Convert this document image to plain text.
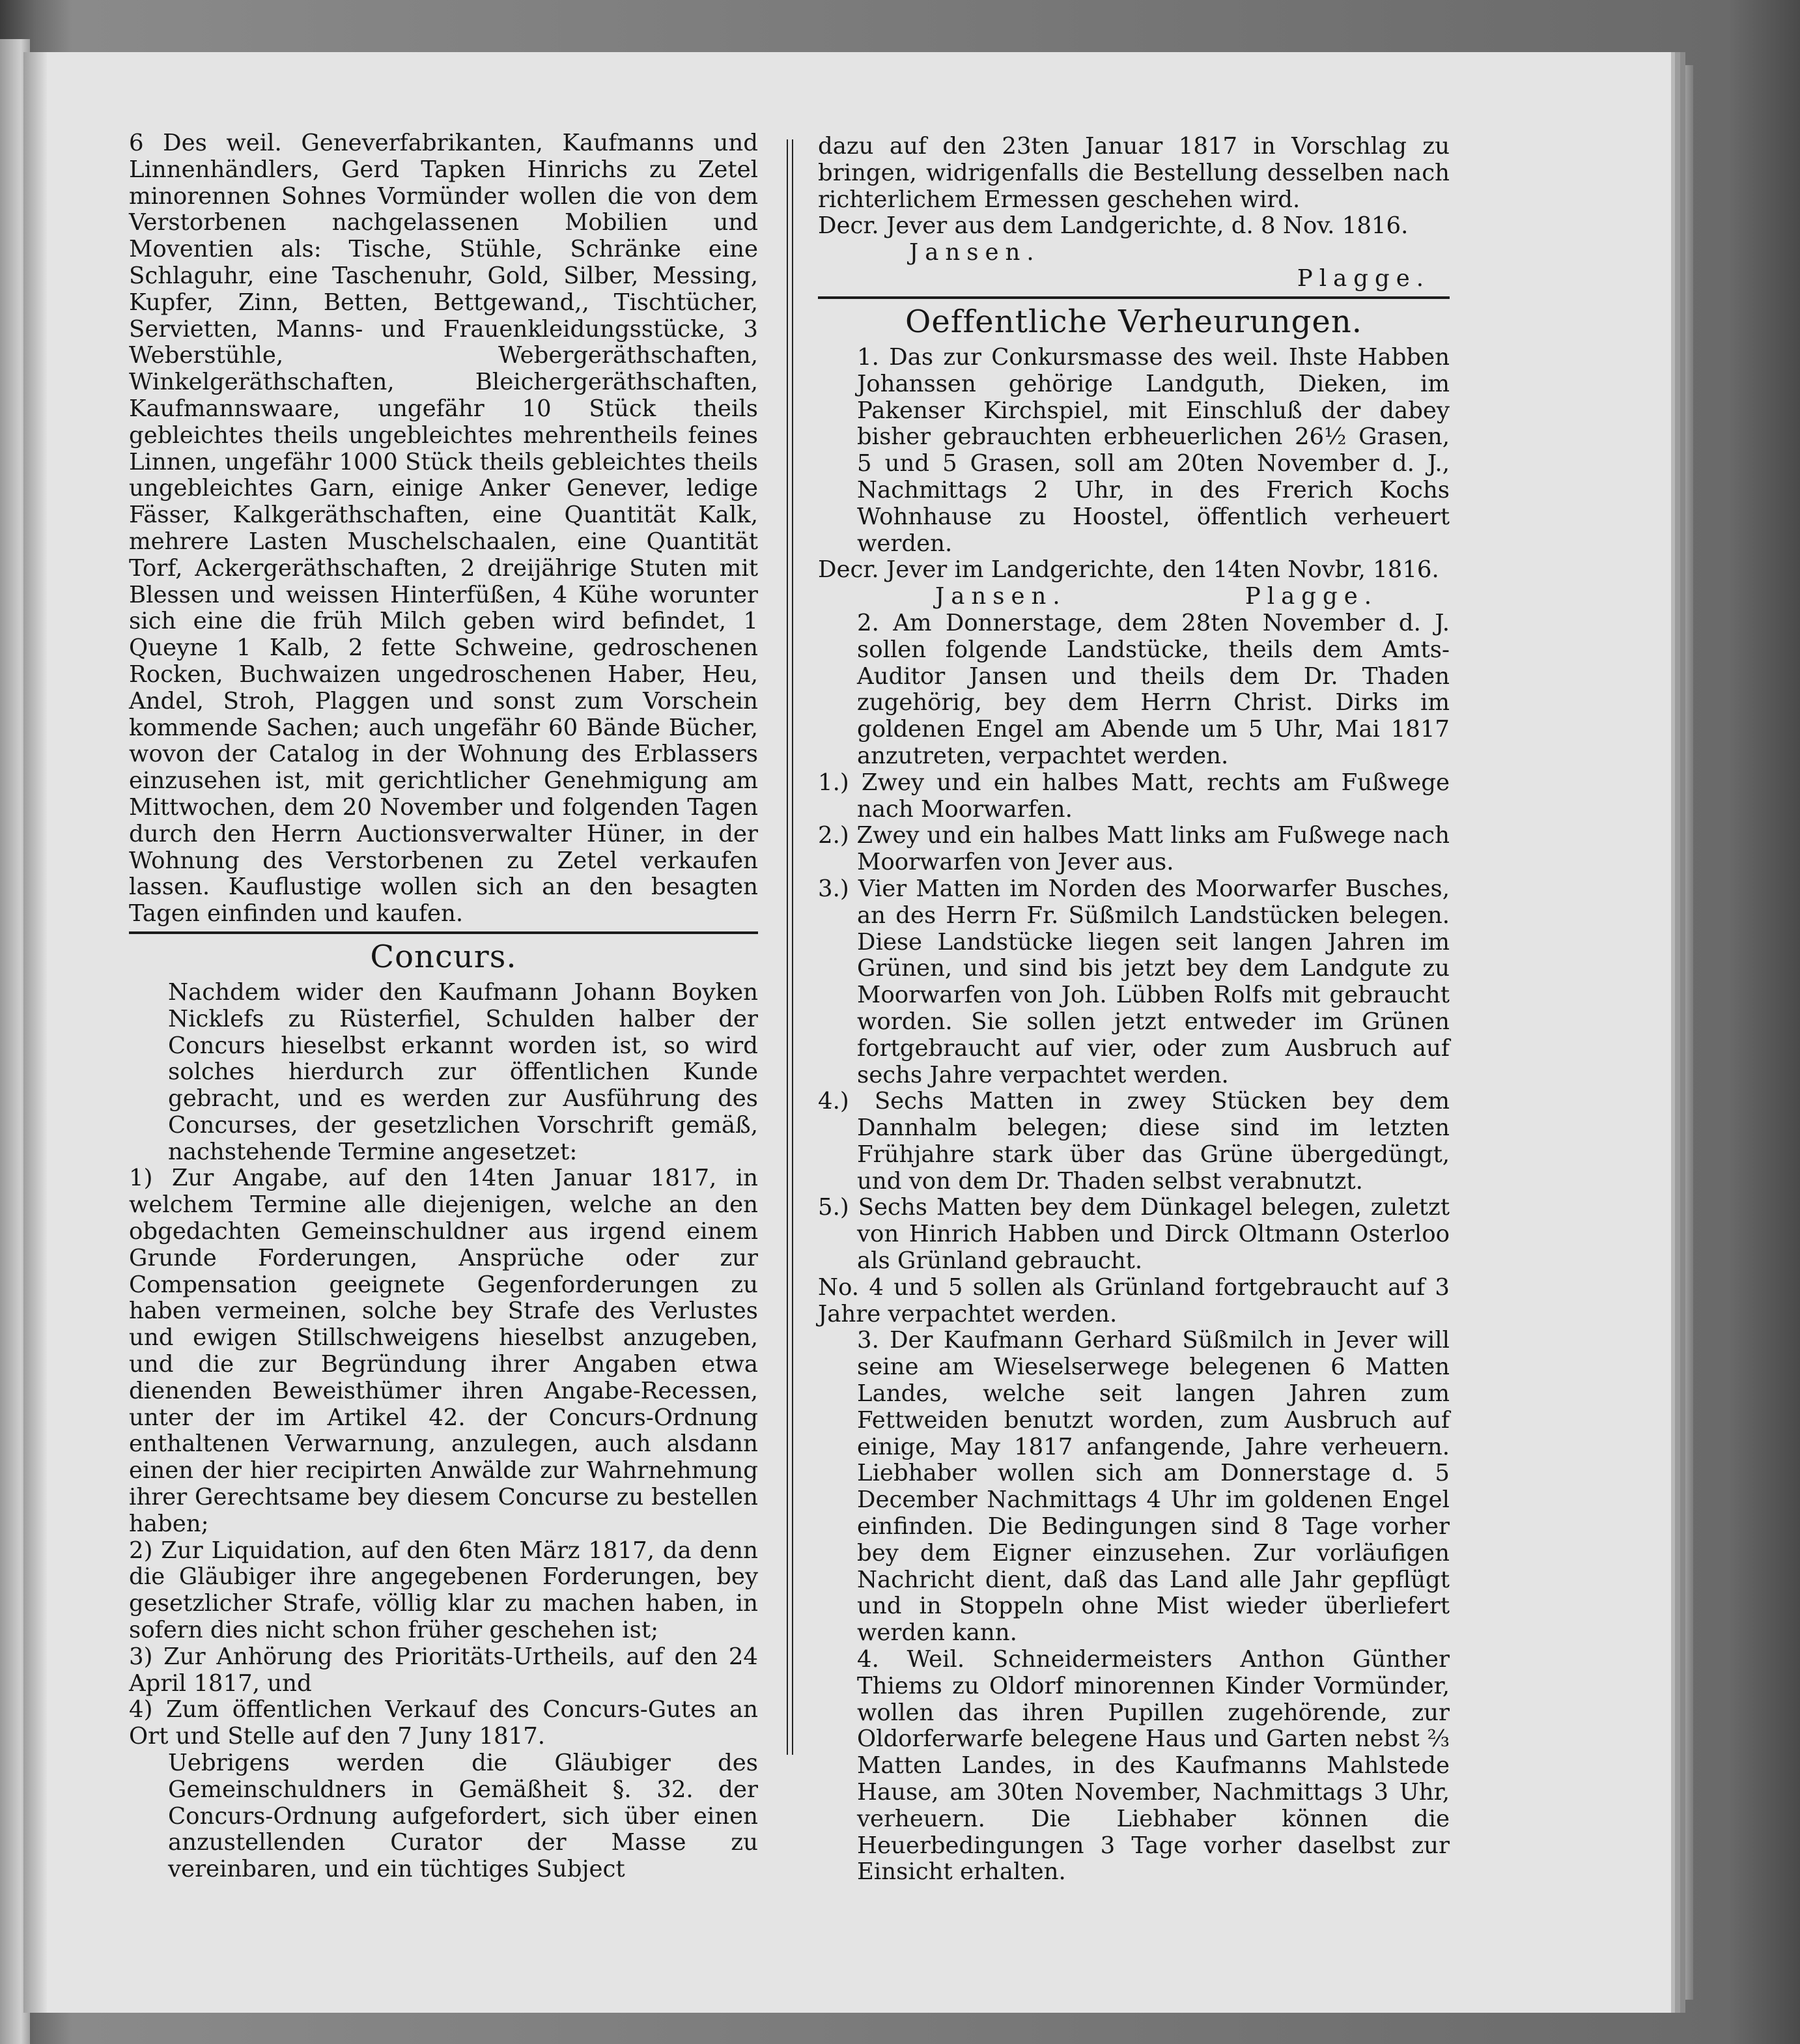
6 Des weil. Geneverfabrikanten, Kaufmanns und Linnenhändlers, Gerd Tapken Hinrichs zu Zetel minorennen Sohnes Vormünder wollen die von dem Verstorbenen nachgelassenen Mobilien und Moventien als: Tische, Stühle, Schränke eine Schlaguhr, eine Taschenuhr, Gold, Silber, Messing, Kupfer, Zinn, Betten, Bettgewand,, Tischtücher, Servietten, Manns- und Frauenkleidungsstücke, 3 Weberstühle, Webergeräthschaften, Winkelgeräthschaften, Bleichergeräthschaften, Kaufmannswaare, ungefähr 10 Stück theils gebleichtes theils ungebleichtes mehrentheils feines Linnen, ungefähr 1000 Stück theils gebleichtes theils ungebleichtes Garn, einige Anker Genever, ledige Fässer, Kalkgeräthschaften, eine Quantität Kalk, mehrere Lasten Muschelschaalen, eine Quantität Torf, Ackergeräthschaften, 2 dreijährige Stuten mit Blessen und weissen Hinterfüßen, 4 Kühe worunter sich eine die früh Milch geben wird befindet, 1 Queyne 1 Kalb, 2 fette Schweine, gedroschenen Rocken, Buchwaizen ungedroschenen Haber, Heu, Andel, Stroh, Plaggen und sonst zum Vorschein kommende Sachen; auch ungefähr 60 Bände Bücher, wovon der Catalog in der Wohnung des Erblassers einzusehen ist, mit gerichtlicher Genehmigung am Mittwochen, dem 20 November und folgenden Tagen durch den Herrn Auctionsverwalter Hüner, in der Wohnung des Verstorbenen zu Zetel verkaufen lassen. Kauflustige wollen sich an den besagten Tagen einfinden und kaufen.

Concurs.

Nachdem wider den Kaufmann Johann Boyken Nicklefs zu Rüsterfiel, Schulden halber der Concurs hieselbst erkannt worden ist, so wird solches hierdurch zur öffentlichen Kunde gebracht, und es werden zur Ausführung des Concurses, der gesetzlichen Vorschrift gemäß, nachstehende Termine angesetzet:

1) Zur Angabe, auf den 14ten Januar 1817, in welchem Termine alle diejenigen, welche an den obgedachten Gemeinschuldner aus irgend einem Grunde Forderungen, Ansprüche oder zur Compensation geeignete Gegenforderungen zu haben vermeinen, solche bey Strafe des Verlustes und ewigen Stillschweigens hieselbst anzugeben, und die zur Begründung ihrer Angaben etwa dienenden Beweisthümer ihren Angabe-Recessen, unter der im Artikel 42. der Concurs-Ordnung enthaltenen Verwarnung, anzulegen, auch alsdann einen der hier recipirten Anwälde zur Wahrnehmung ihrer Gerechtsame bey diesem Concurse zu bestellen haben;

2) Zur Liquidation, auf den 6ten März 1817, da denn die Gläubiger ihre angegebenen Forderungen, bey gesetzlicher Strafe, völlig klar zu machen haben, in sofern dies nicht schon früher geschehen ist;

3) Zur Anhörung des Prioritäts-Urtheils, auf den 24 April 1817, und

4) Zum öffentlichen Verkauf des Concurs-Gutes an Ort und Stelle auf den 7 Juny 1817.

Uebrigens werden die Gläubiger des Gemeinschuldners in Gemäßheit §. 32. der Concurs-Ordnung aufgefordert, sich über einen anzustellenden Curator der Masse zu vereinbaren, und ein tüchtiges Subject

dazu auf den 23ten Januar 1817 in Vorschlag zu bringen, widrigenfalls die Bestellung desselben nach richterlichem Ermessen geschehen wird.

Decr. Jever aus dem Landgerichte, d. 8 Nov. 1816.

Jansen.
Plagge.
Oeffentliche Verheurungen.

1. Das zur Conkursmasse des weil. Ihste Habben Johanssen gehörige Landguth, Dieken, im Pakenser Kirchspiel, mit Einschluß der dabey bisher gebrauchten erbheuerlichen 26½ Grasen, 5 und 5 Grasen, soll am 20ten November d. J., Nachmittags 2 Uhr, in des Frerich Kochs Wohnhause zu Hoostel, öffentlich verheuert werden.

Decr. Jever im Landgerichte, den 14ten Novbr, 1816.

Jansen.	Plagge.

2. Am Donnerstage, dem 28ten November d. J. sollen folgende Landstücke, theils dem Amts-Auditor Jansen und theils dem Dr. Thaden zugehörig, bey dem Herrn Christ. Dirks im goldenen Engel am Abende um 5 Uhr, Mai 1817 anzutreten, verpachtet werden.

1.) Zwey und ein halbes Matt, rechts am Fußwege nach Moorwarfen.

2.) Zwey und ein halbes Matt links am Fußwege nach Moorwarfen von Jever aus.

3.) Vier Matten im Norden des Moorwarfer Busches, an des Herrn Fr. Süßmilch Landstücken belegen. Diese Landstücke liegen seit langen Jahren im Grünen, und sind bis jetzt bey dem Landgute zu Moorwarfen von Joh. Lübben Rolfs mit gebraucht worden. Sie sollen jetzt entweder im Grünen fortgebraucht auf vier, oder zum Ausbruch auf sechs Jahre verpachtet werden.

4.) Sechs Matten in zwey Stücken bey dem Dannhalm belegen; diese sind im letzten Frühjahre stark über das Grüne übergedüngt, und von dem Dr. Thaden selbst verabnutzt.

5.) Sechs Matten bey dem Dünkagel belegen, zuletzt von Hinrich Habben und Dirck Oltmann Osterloo als Grünland gebraucht.

No. 4 und 5 sollen als Grünland fortgebraucht auf 3 Jahre verpachtet werden.

3. Der Kaufmann Gerhard Süßmilch in Jever will seine am Wieselserwege belegenen 6 Matten Landes, welche seit langen Jahren zum Fettweiden benutzt worden, zum Ausbruch auf einige, May 1817 anfangende, Jahre verheuern. Liebhaber wollen sich am Donnerstage d. 5 December Nachmittags 4 Uhr im goldenen Engel einfinden. Die Bedingungen sind 8 Tage vorher bey dem Eigner einzusehen. Zur vorläufigen Nachricht dient, daß das Land alle Jahr gepflügt und in Stoppeln ohne Mist wieder überliefert werden kann.

4. Weil. Schneidermeisters Anthon Günther Thiems zu Oldorf minorennen Kinder Vormünder, wollen das ihren Pupillen zugehörende, zur Oldorferwarfe belegene Haus und Garten nebst ⅔ Matten Landes, in des Kaufmanns Mahlstede Hause, am 30ten November, Nachmittags 3 Uhr, verheuern. Die Liebhaber können die Heuerbedingungen 3 Tage vorher daselbst zur Einsicht erhalten.
